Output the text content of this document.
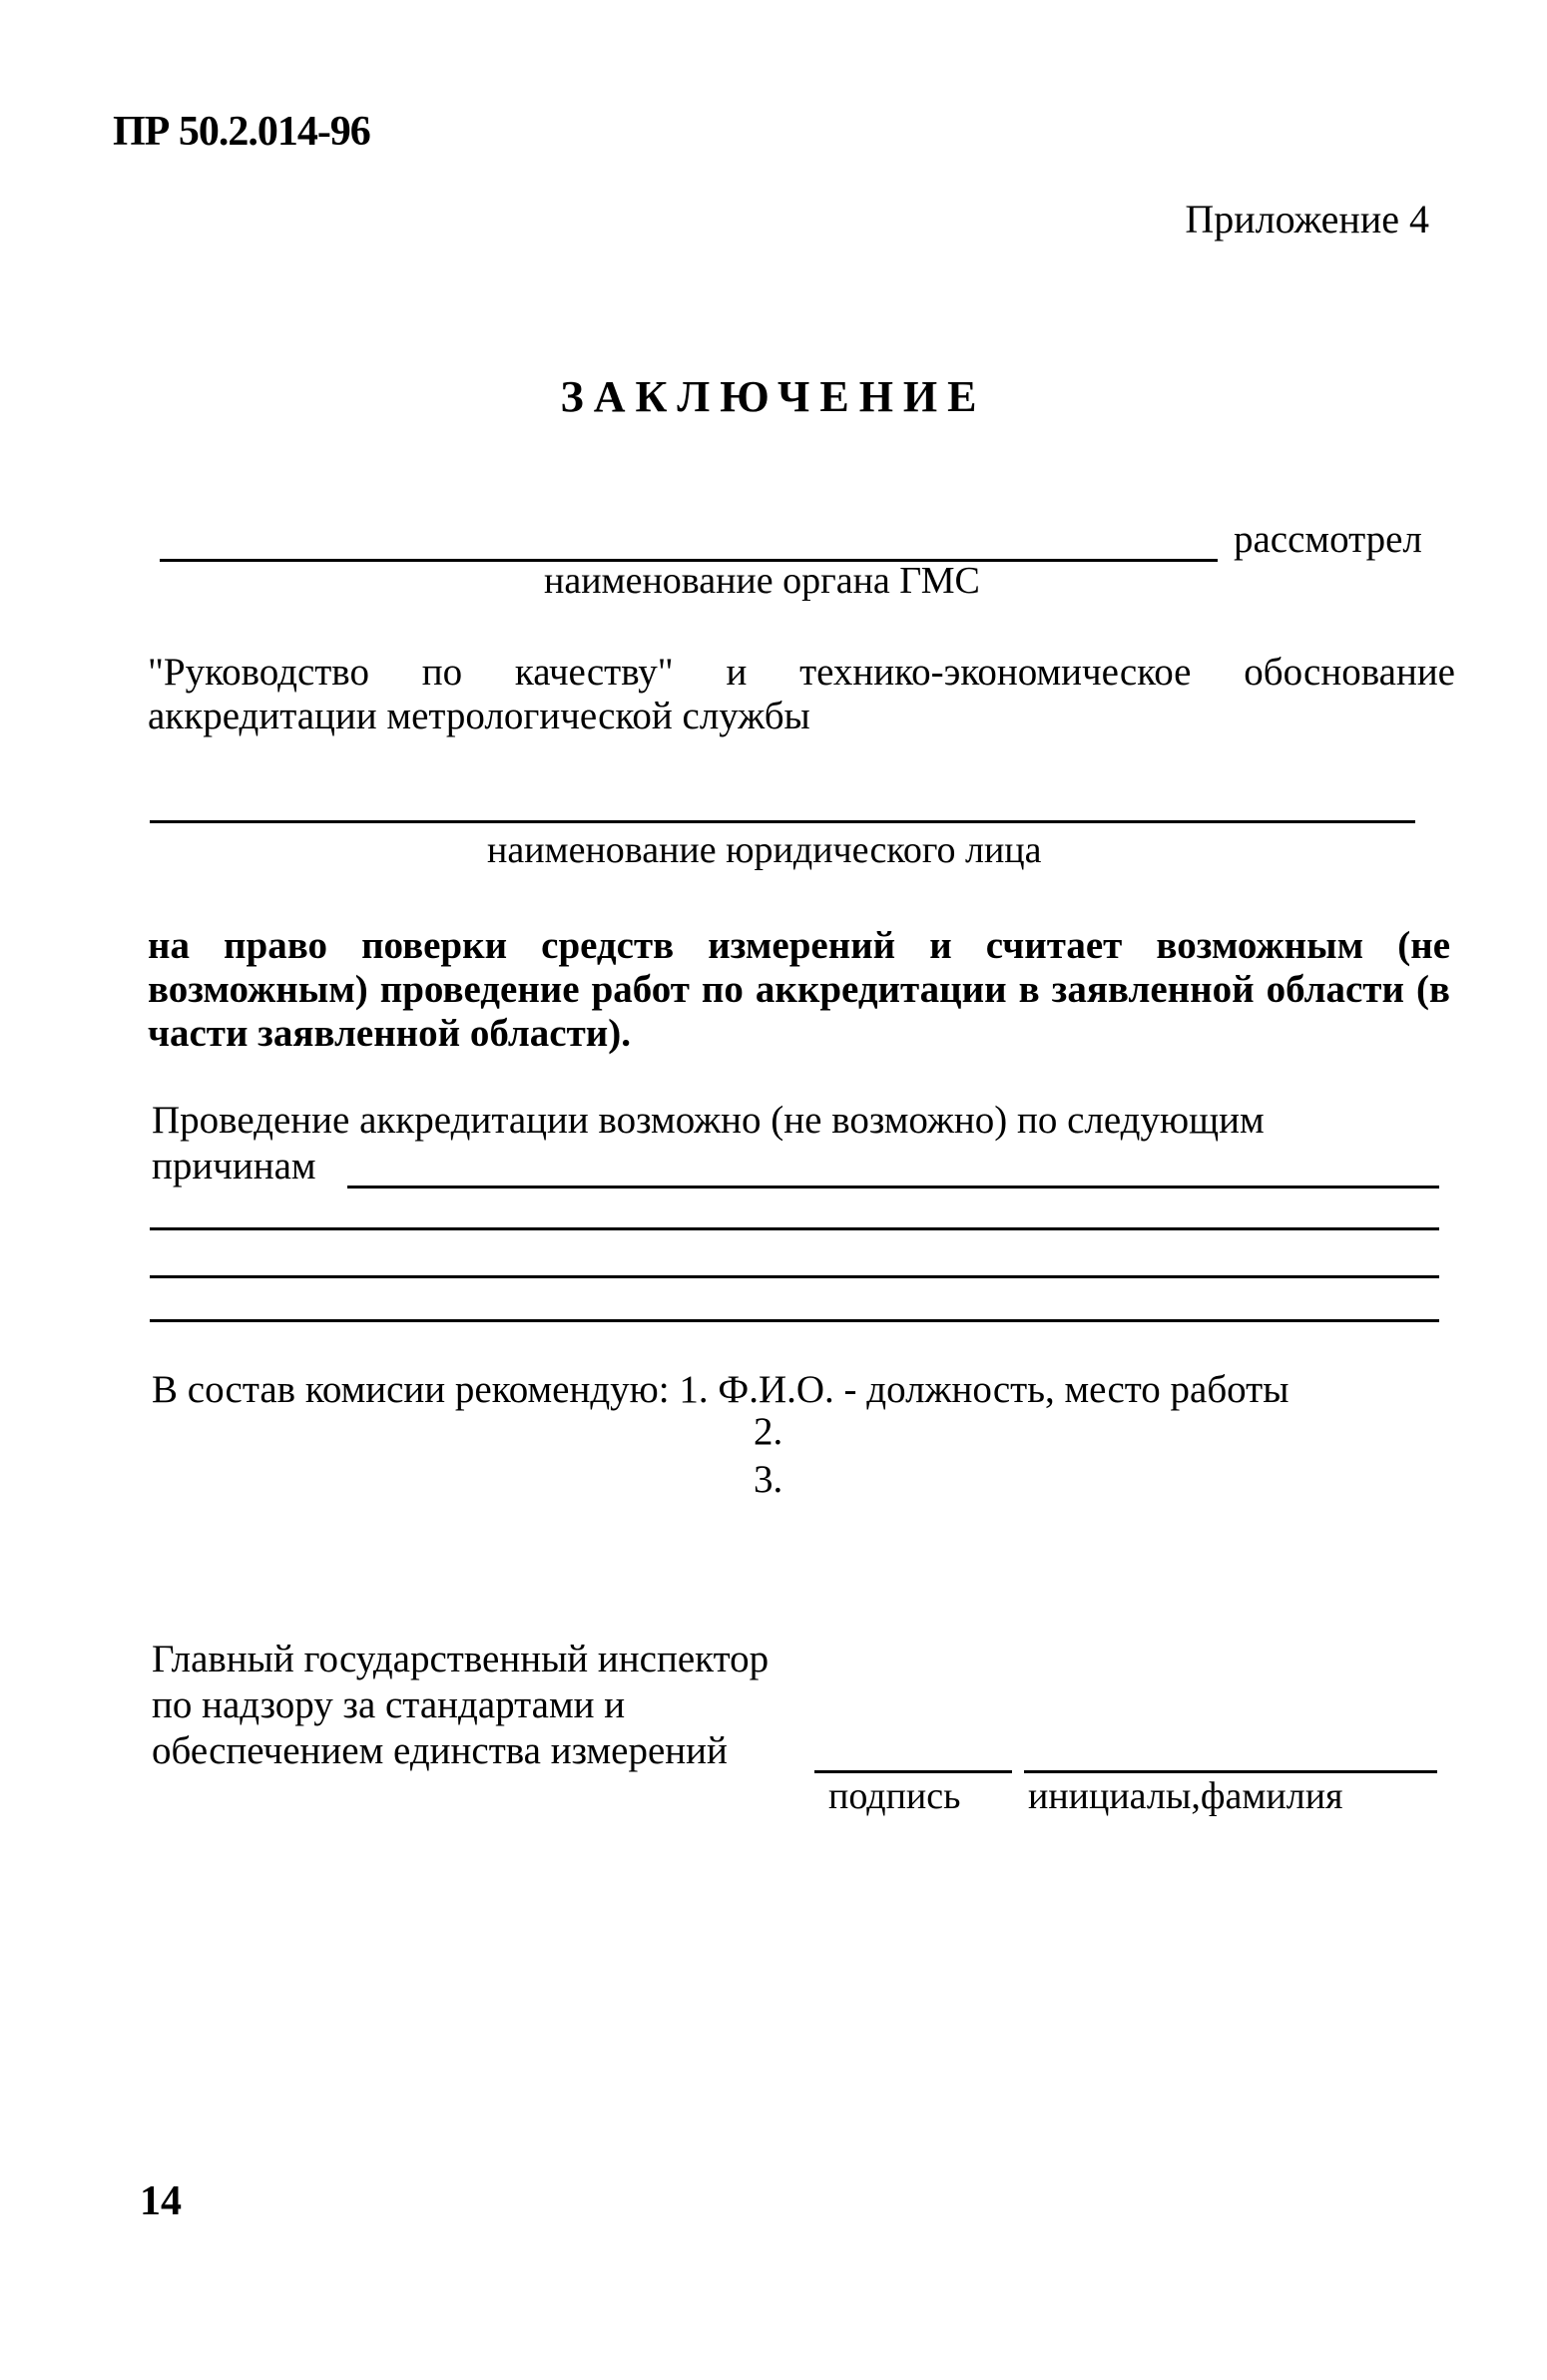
ПР 50.2.014-96
Приложение 4
ЗАКЛЮЧЕНИЕ
рассмотрел
наименование органа ГМС
"Руководство по качеству" и технико-экономическое обоснование аккредитации метрологической службы
наименование юридического лица
на право поверки средств измерений и считает возможным (не возможным) проведение работ по аккредитации в заявленной области (в части заявленной области).
Проведение аккредитации возможно (не возможно) по следующим
причинам
В состав комисии рекомендую: 1. Ф.И.О. - должность, место работы
2.
3.
Главный государственный инспектор
по надзору за стандартами и
обеспечением единства измерений
подпись инициалы,фамилия
14
